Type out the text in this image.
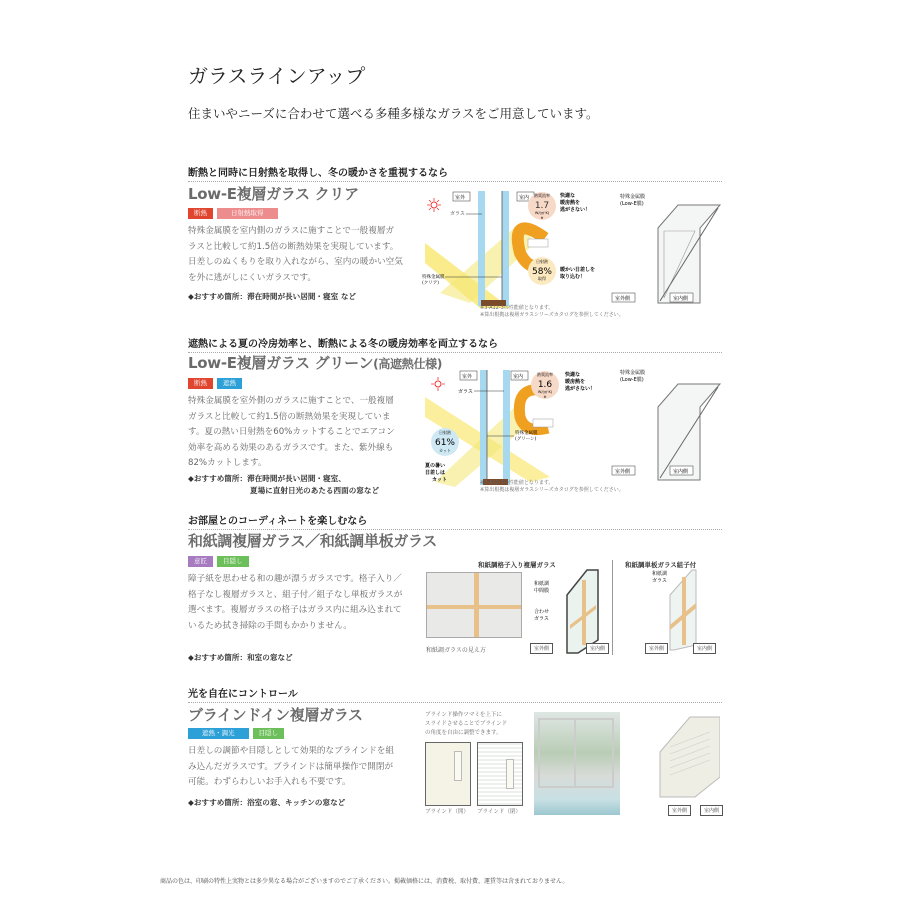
ガラスラインアップ
住まいやニーズに合わせて選べる多種多様なガラスをご用意しています。
断熱と同時に日射熱を取得し、冬の暖かさを重視するなら
Low-E複層ガラス クリア
断熱	日射熱取得
特殊金属膜を室内側のガラスに施すことで一般複層ガ
ラスと比較して約1.5倍の断熱効果を実現しています。
日差しのぬくもりを取り入れながら、室内の暖かい空気
を外に逃がしにくいガラスです。
◆おすすめ箇所：滞在時間が長い居間・寝室 など
室外	室内
ガラス
熱貫流率
1.7
W/(㎡·K)
※
快適な
暖房熱を
逃がさない！
日射熱
58%
取得
暖かい日差しを
取り込む！
特殊金属膜
(クリア)
※3-A12-3の性能値となります。
※算出根拠は複層ガラスシリーズカタログを参照してください。
特殊金属膜
(Low-E膜)
室外側	室内側
遮熱による夏の冷房効率と、断熱による冬の暖房効率を両立するなら
Low-E複層ガラス グリーン(高遮熱仕様)
断熱	遮熱
特殊金属膜を室外側のガラスに施すことで、一般複層
ガラスと比較して約1.5倍の断熱効果を実現していま
す。夏の熱い日射熱を60%カットすることでエアコン
効率を高める効果のあるガラスです。また、紫外線も
82%カットします。
◆おすすめ箇所：滞在時間が長い居間・寝室、
夏場に直射日光のあたる西面の窓など
室外	室内
ガラス
熱貫流率
1.6
W/(㎡·K)
※
快適な
暖房熱を
逃がさない！
日射熱
61%
カット
夏の暑い
日差しは
カット
特殊金属膜
(グリーン)
※3-A12-3の性能値となります。
※算出根拠は複層ガラスシリーズカタログを参照してください。
特殊金属膜
(Low-E膜)
室外側	室内側
お部屋とのコーディネートを楽しむなら
和紙調複層ガラス／和紙調単板ガラス
意匠	目隠し
障子紙を思わせる和の趣が漂うガラスです。格子入り／
格子なし複層ガラスと、組子付／組子なし単板ガラスが
選べます。複層ガラスの格子はガラス内に組み込まれて
いるため拭き掃除の手間もかかりません。
◆おすすめ箇所：和室の窓など
和紙調格子入り複層ガラス
和紙調ガラスの見え方
和紙調
中間膜
合わせ
ガラス
室外側	室内側
和紙調単板ガラス組子付
和紙調
ガラス
室外側	室内側
光を自在にコントロール
ブラインドイン複層ガラス
遮熱・調光	目隠し
日差しの調節や目隠しとして効果的なブラインドを組
み込んだガラスです。ブラインドは簡単操作で開閉が
可能。わずらわしいお手入れも不要です。
◆おすすめ箇所：浴室の窓、キッチンの窓など
ブラインド操作ツマミを上下に
スライドさせることでブラインド
の角度を自由に調整できます。
ブラインド（開） ブラインド（閉）	室外側	室内側
商品の色は、印刷の特性上実物とは多少異なる場合がございますのでご了承ください。掲載価格には、消費税、取付費、運賃等は含まれておりません。
